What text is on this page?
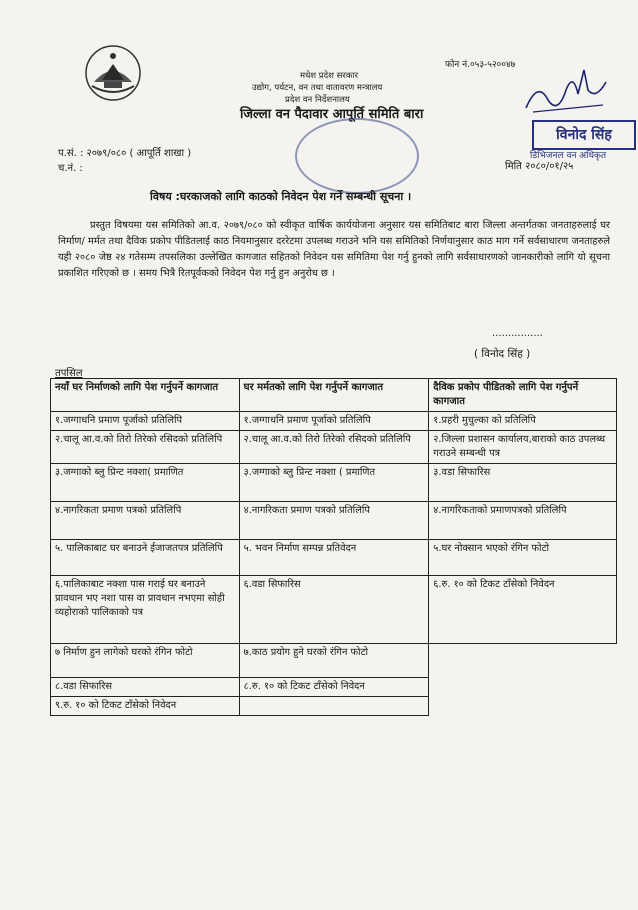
मधेश प्रदेश सरकार
उद्योग, पर्यटन, वन तथा वातावरण मन्त्रालय
प्रदेश वन निर्देशनालय
जिल्ला वन पैदावार आपूर्ति समिति बारा
फोन नं.०५३-५२००४७
विनोद सिंह
डिभिजनल वन अधिकृत
प.सं. : २०७९/०८० ( आपूर्ति शाखा )
च.नं. :	मिति २०८०/०१/२५
विषय :घरकाजको लागि काठको निवेदन पेश गर्ने सम्बन्धी सूचना ।
प्रस्तुत विषयमा यस समितिको आ.व. २०७९/०८० को स्वीकृत वार्षिक कार्ययोजना अनुसार यस समितिबाट बारा जिल्ला अन्तर्गतका जनताहरुलाई घर निर्माण/ मर्मत तथा दैविक प्रकोप पीडितलाई काठ नियमानुसार दररेटमा उपलब्ध गराउने भनि यस समितिको निर्णयानुसार काठ माग गर्ने सर्वसाधारण जनताहरुले यही २०८० जेष्ठ २४ गतेसम्म तपसलिका उल्लेखित कागजात सहितको निवेदन यस समितिमा पेश गर्नु हुनको लागि सर्वसाधारणको जानकारीको लागि यो सूचना प्रकाशित गरिएको छ । समय भित्रै रितपूर्वकको निवेदन पेश गर्नु हुन अनुरोध छ ।
................
( विनोद सिंह )
तपसिल
नयाँ घर निर्माणको लागि पेश गर्नुपर्ने कागजात	घर मर्मतको लागि पेश गर्नुपर्ने कागजात	दैविक प्रकोप पीडितको लागि पेश गर्नुपर्ने कागजात
१.जग्गाधनि प्रमाण पूर्जाको प्रतिलिपि	१.जग्गाधनि प्रमाण पूर्जाको प्रतिलिपि	१.प्रहरी मुचुल्का को प्रतिलिपि
२.चालू आ.व.को तिरो तिरेको रसिदको प्रतिलिपि	२.चालू आ.व.को तिरो तिरेको रसिदको प्रतिलिपि	२.जिल्ला प्रशासन कार्यालय,बाराको काठ उपलब्ध गराउने सम्बन्धी पत्र
३.जग्गाको ब्लु प्रिन्ट नक्शा( प्रमाणित	३.जग्गाको ब्लु प्रिन्ट नक्शा ( प्रमाणित	३.वडा सिफारिस
४.नागरिकता प्रमाण पत्रको प्रतिलिपि	४.नागरिकता प्रमाण पत्रको प्रतिलिपि	४.नागरिकताको प्रमाणपत्रको प्रतिलिपि
५. पालिकाबाट घर बनाउने ईजाजतपत्र प्रतिलिपि	५. भवन निर्माण सम्पन्न प्रतिवेदन	५.घर नोक्सान भएको रंगिन फोटो
६.पालिकाबाट नक्शा पास गराई घर बनाउने प्रावधान भए नशा पास वा प्रावधान नभएमा सोही व्यहोराको पालिकाको पत्र	६.वडा सिफारिस	६.रु. १० को टिकट टाँसेको निवेदन
७ निर्माण हुन लागेको घरको रंगिन फोटो	७.काठ प्रयोग हुने घरको रंगिन फोटो	
८.वडा सिफारिस	८.रु. १० को टिकट टाँसेको निवेदन	
९.रु. १० को टिकट टाँसेको निवेदन		
